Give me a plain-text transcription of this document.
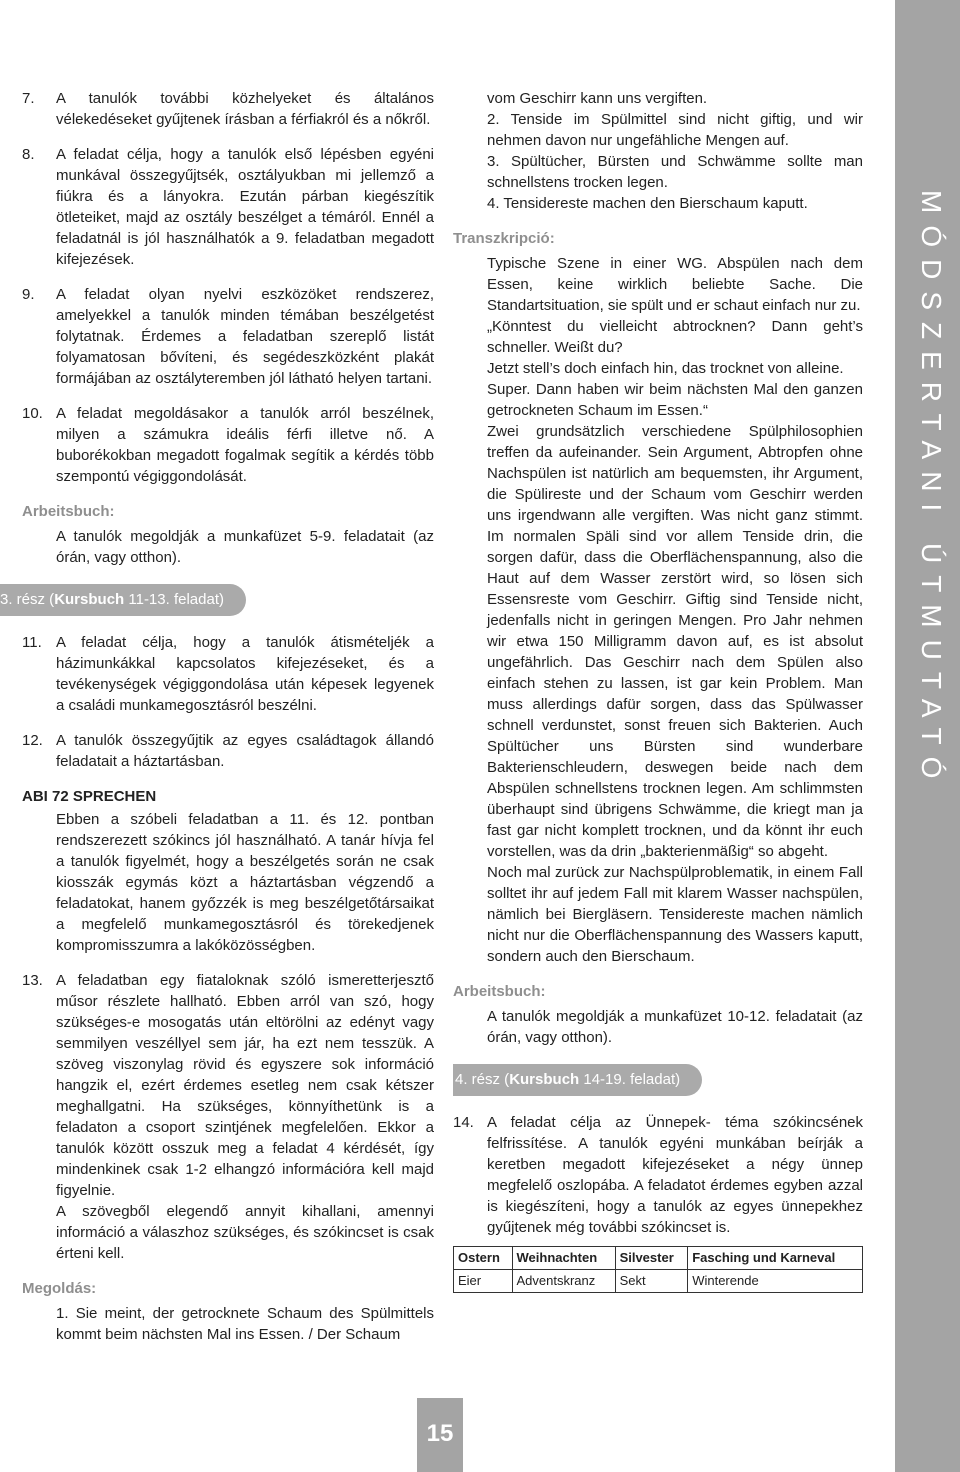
MÓDSZERTANI ÚTMUTATÓ
7.	A tanulók további közhelyeket és általános vélekedéseket gyűjtenek írásban a férfiakról és a nőkről.
8.	A feladat célja, hogy a tanulók első lépésben egyéni munkával összegyűjtsék, osztályukban mi jellemző a fiúkra és a lányokra. Ezután párban kiegészítik ötleteiket, majd az osztály beszélget a témáról. Ennél a feladatnál is jól használhatók a 9. feladatban megadott kifejezések.
9.	A feladat olyan nyelvi eszközöket rendszerez, amelyekkel a tanulók minden témában beszélgetést folytatnak. Érdemes a feladatban szereplő listát folyamatosan bővíteni, és segédeszközként plakát formájában az osztályteremben jól látható helyen tartani.
10. A feladat megoldásakor a tanulók arról beszélnek, milyen a számukra ideális férfi illetve nő. A buborékokban megadott fogalmak segítik a kérdés több szempontú végiggondolását.
Arbeitsbuch:
A tanulók megoldják a munkafüzet 5-9. feladatait (az órán, vagy otthon).
3. rész (Kursbuch 11-13. feladat)
11. A feladat célja, hogy a tanulók átismételjék a házimunkákkal kapcsolatos kifejezéseket, és a tevékenységek végiggondolása után képesek legyenek a családi munkamegosztásról beszélni.
12. A tanulók összegyűjtik az egyes családtagok állandó feladatait a háztartásban.
ABI 72 SPRECHEN
Ebben a szóbeli feladatban a 11. és 12. pontban rendszerezett szókincs jól használható. A tanár hívja fel a tanulók figyelmét, hogy a beszélgetés során ne csak kiosszák egymás közt a háztartásban végzendő a feladatokat, hanem győzzék is meg beszélgetőtársaikat a megfelelő munkamegosztásról és törekedjenek kompromisszumra a lakóközösségben.
13. A feladatban egy fiataloknak szóló ismeretterjesztő műsor részlete hallható. Ebben arról van szó, hogy szükséges-e mosogatás után eltörölni az edényt vagy semmilyen veszéllyel sem jár, ha ezt nem tesszük. A szöveg viszonylag rövid és egyszere sok információ hangzik el, ezért érdemes esetleg nem csak kétszer meghallgatni. Ha szükséges, könnyíthetünk is a feladaton a csoport szintjének megfelelően. Ekkor a tanulók között osszuk meg a feladat 4 kérdését, így mindenkinek csak 1-2 elhangzó információra kell majd figyelnie.
A szövegből elegendő annyit kihallani, amennyi információ a válaszhoz szükséges, és szókincset is csak érteni kell.
Megoldás:
1. Sie meint, der getrocknete Schaum des Spülmittels kommt beim nächsten Mal ins Essen. / Der Schaum
vom Geschirr kann uns vergiften.
2. Tenside im Spülmittel sind nicht giftig, und wir nehmen davon nur ungefähliche Mengen auf.
3. Spültücher, Bürsten und Schwämme sollte man schnellstens trocken legen.
4. Tensidereste machen den Bierschaum kaputt.
Transzkripció:
Typische Szene in einer WG. Abspülen nach dem Essen, keine wirklich beliebte Sache. Die Standartsituation, sie spült und er schaut einfach nur zu.
„Könntest du vielleicht abtrocknen? Dann geht’s schneller. Weißt du?
Jetzt stell’s doch einfach hin, das trocknet von alleine.
Super. Dann haben wir beim nächsten Mal den ganzen getrockneten Schaum im Essen.“
Zwei grundsätzlich verschiedene Spülphilosophien treffen da aufeinander. Sein Argument, Abtropfen ohne Nachspülen ist natürlich am bequemsten, ihr Argument, die Spülireste und der Schaum vom Geschirr werden uns irgendwann alle vergiften. Was nicht ganz stimmt. Im normalen Späli sind vor allem Tenside drin, die sorgen dafür, dass die Oberflächenspannung, also die Haut auf dem Wasser zerstört wird, so lösen sich Essensreste vom Geschirr. Giftig sind Tenside nicht, jedenfalls nicht in geringen Mengen. Pro Jahr nehmen wir etwa 150 Milligramm davon auf, es ist absolut ungefährlich. Das Geschirr nach dem Spülen also einfach stehen zu lassen, ist gar kein Problem. Man muss allerdings dafür sorgen, dass das Spülwasser schnell verdunstet, sonst freuen sich Bakterien. Auch Spültücher uns Bürsten sind wunderbare Bakterienschleudern, deswegen beide nach dem Abspülen schnellstens trocknen legen. Am schlimmsten überhaupt sind übrigens Schwämme, die kriegt man ja fast gar nicht komplett trocknen, und da könnt ihr euch vorstellen, was da drin „bakterienmäßig“ so abgeht.
Noch mal zurück zur Nachspülproblematik, in einem Fall solltet ihr auf jedem Fall mit klarem Wasser nachspülen, nämlich bei Biergläsern. Tensidereste machen nämlich nicht nur die Oberflächenspannung des Wassers kaputt, sondern auch den Bierschaum.
Arbeitsbuch:
A tanulók megoldják a munkafüzet 10-12. feladatait (az órán, vagy otthon).
4. rész (Kursbuch 14-19. feladat)
14. A feladat célja az Ünnepek- téma szókincsének felfrissítése. A tanulók egyéni munkában beírják a keretben megadott kifejezéseket a négy ünnep megfelelő oszlopába. A feladatot érdemes egyben azzal is kiegészíteni, hogy a tanulók az egyes ünnepekhez gyűjtenek még további szókincset is.
Ostern	Weihnachten	Silvester	Fasching und Karneval
Eier	Adventskranz	Sekt	Winterende
15
